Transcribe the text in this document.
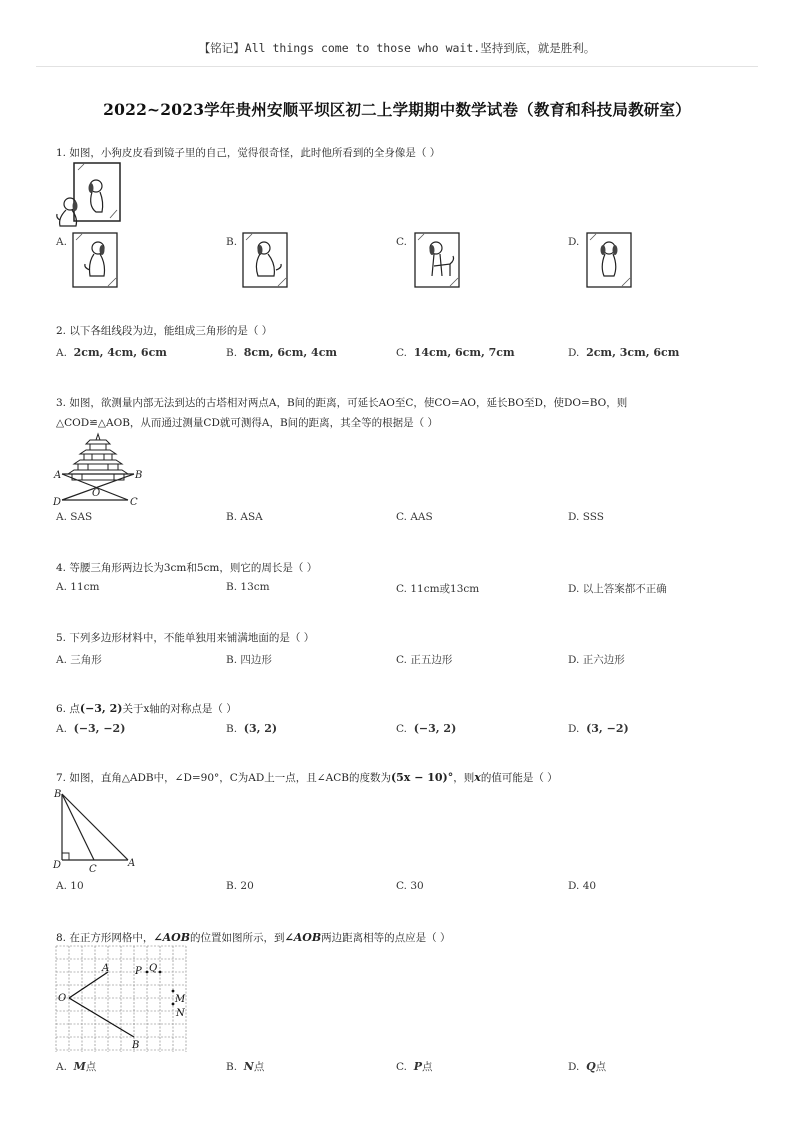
【铭记】All things come to those who wait.坚持到底，就是胜利。
2022~2023学年贵州安顺平坝区初二上学期期中数学试卷（教育和科技局教研室）
1. 如图，小狗皮皮看到镜子里的自己，觉得很奇怪，此时他所看到的全身像是（ ）
A.	B.	C.	D.
2. 以下各组线段为边，能组成三角形的是（ ）
A. 2cm, 4cm, 6cm	B. 8cm, 6cm, 4cm	C. 14cm, 6cm, 7cm	D. 2cm, 3cm, 6cm
3. 如图，欲测量内部无法到达的古塔相对两点A，B间的距离，可延长AO至C，使CO=AO，延长BO至D，使DO=BO，则
△COD≌△AOB，从而通过测量CD就可测得A，B间的距离，其全等的根据是（ ）
A	B
O
D	C
A. SAS	B. ASA	C. AAS	D. SSS
4. 等腰三角形两边长为3cm和5cm，则它的周长是（ ）
A. 11cm	B. 13cm	C. 11cm或13cm	D. 以上答案都不正确
5. 下列多边形材料中，不能单独用来铺满地面的是（ ）
A. 三角形	B. 四边形	C. 正五边形	D. 正六边形
6. 点(−3, 2)关于x轴的对称点是（ ）
A. (−3, −2)	B. (3, 2)	C. (−3, 2)	D. (3, −2)
7. 如图，直角△ADB中，∠D=90°，C为AD上一点，且∠ACB的度数为(5x − 10)°，则x的值可能是（ ）
B
D	C
A
A. 10	B. 20	C. 30	D. 40
8. 在正方形网格中，∠AOB的位置如图所示，到∠AOB两边距离相等的点应是（ ）
A	P Q
O	M
N
B
A. M点	B. N点	C. P点	D. Q点
